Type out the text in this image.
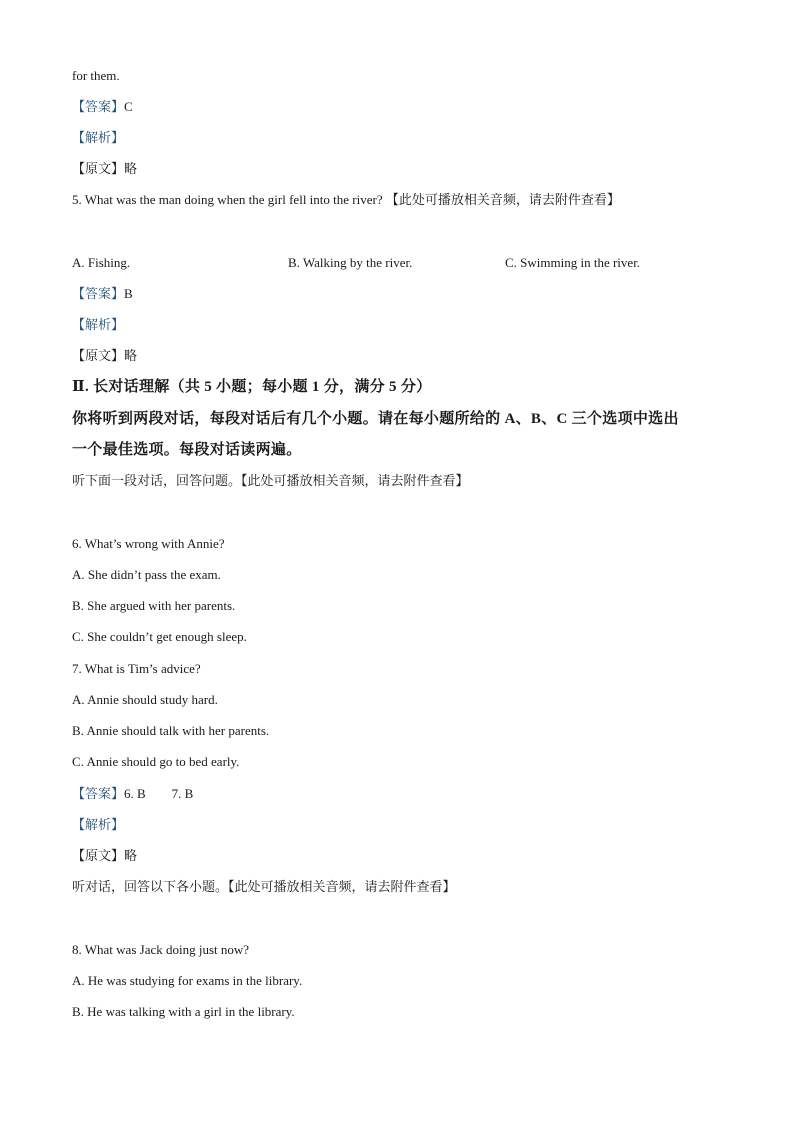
for them.
【答案】C
【解析】
【原文】略
5. What was the man doing when the girl fell into the river? 【此处可播放相关音频，请去附件查看】
A. Fishing.	B. Walking by the river.	C. Swimming in the river.
【答案】B
【解析】
【原文】略
Ⅱ. 长对话理解（共 5 小题；每小题 1 分，满分 5 分）
你将听到两段对话，每段对话后有几个小题。请在每小题所给的 A、B、C 三个选项中选出
一个最佳选项。每段对话读两遍。
听下面一段对话，回答问题。【此处可播放相关音频，请去附件查看】
6. What’s wrong with Annie?
A. She didn’t pass the exam.
B. She argued with her parents.
C. She couldn’t get enough sleep.
7. What is Tim’s advice?
A. Annie should study hard.
B. Annie should talk with her parents.
C. Annie should go to bed early.
【答案】6. B        7. B
【解析】
【原文】略
听对话，回答以下各小题。【此处可播放相关音频，请去附件查看】
8. What was Jack doing just now?
A. He was studying for exams in the library.
B. He was talking with a girl in the library.
